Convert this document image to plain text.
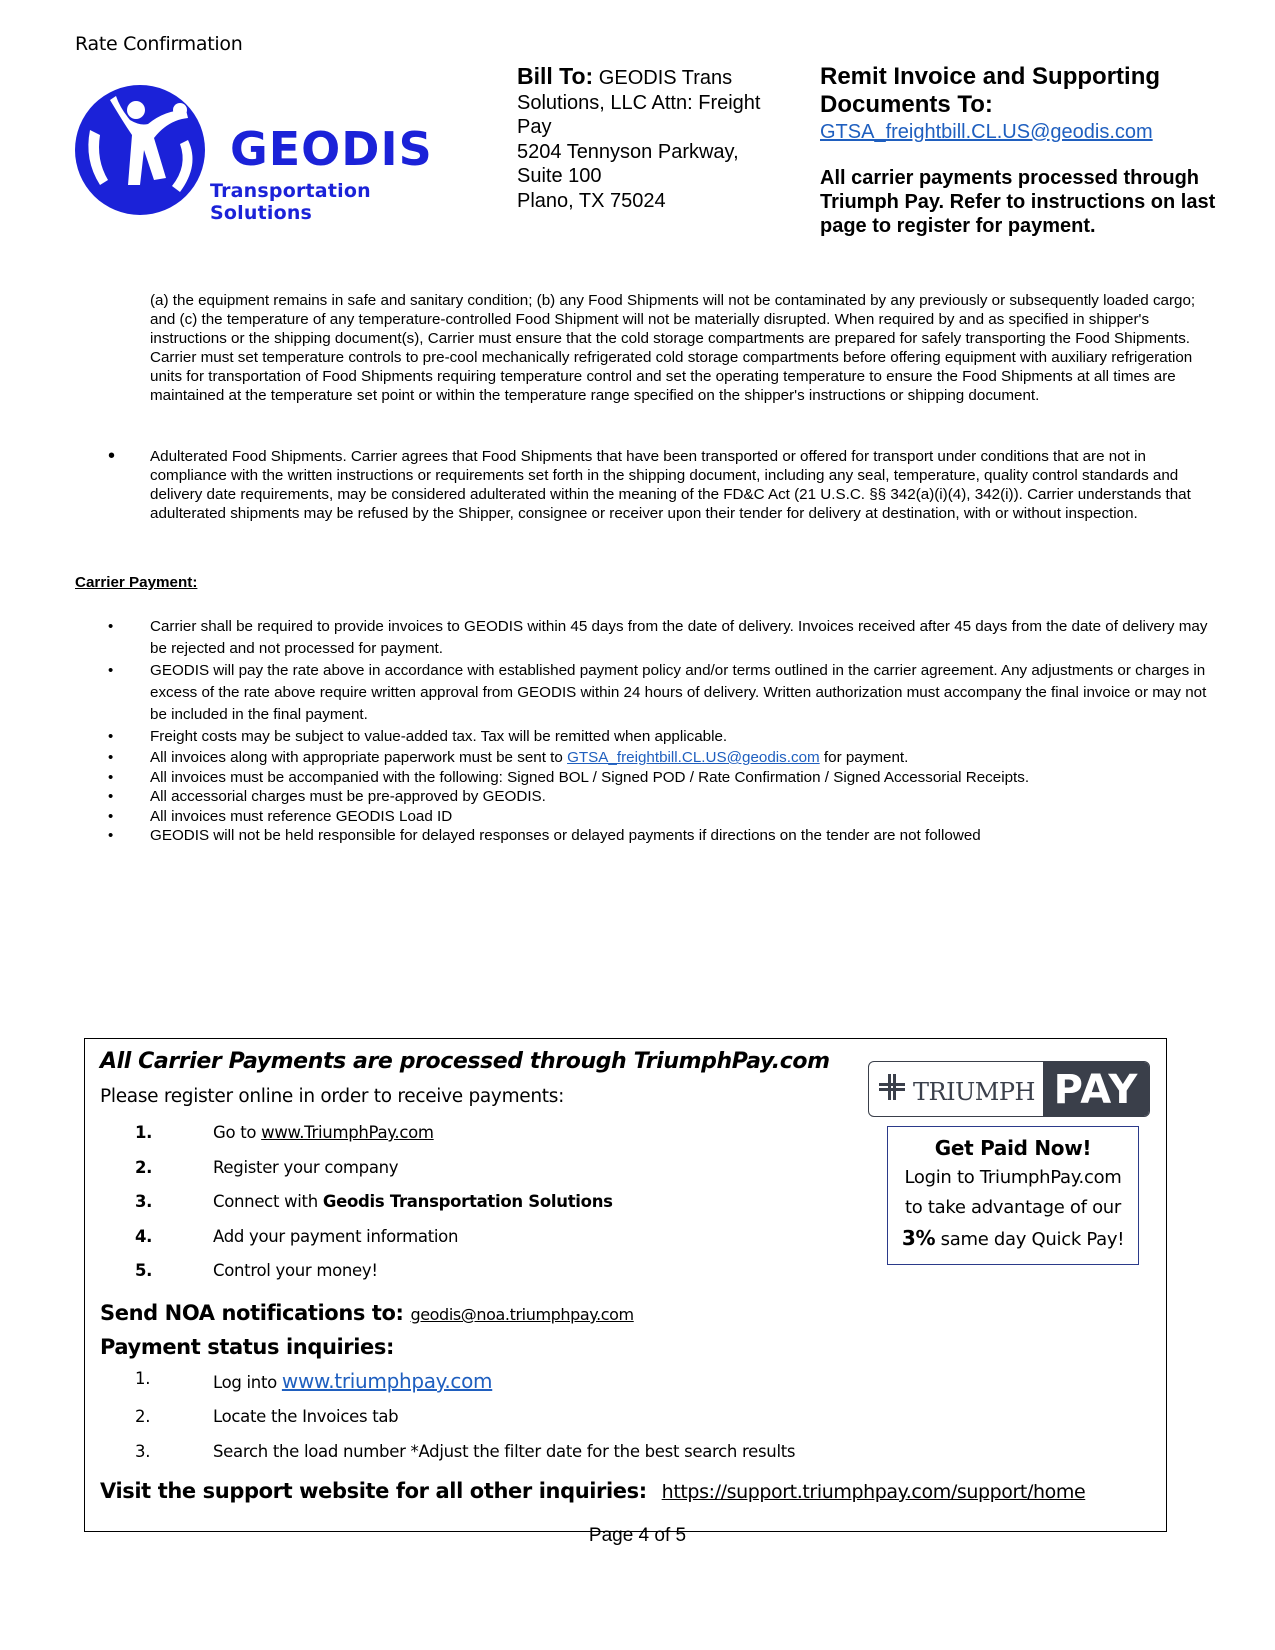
Rate Confirmation
GEODIS
Transportation Solutions
Bill To: GEODIS Trans Solutions, LLC Attn: Freight Pay
5204 Tennyson Parkway, Suite 100
Plano, TX 75024
Remit Invoice and Supporting Documents To:
GTSA_freightbill.CL.US@geodis.com
All carrier payments processed through Triumph Pay. Refer to instructions on last page to register for payment.
(a) the equipment remains in safe and sanitary condition; (b) any Food Shipments will not be contaminated by any previously or subsequently loaded cargo; and (c) the temperature of any temperature-controlled Food Shipment will not be materially disrupted. When required by and as specified in shipper's instructions or the shipping document(s), Carrier must ensure that the cold storage compartments are prepared for safely transporting the Food Shipments. Carrier must set temperature controls to pre-cool mechanically refrigerated cold storage compartments before offering equipment with auxiliary refrigeration units for transportation of Food Shipments requiring temperature control and set the operating temperature to ensure the Food Shipments at all times are maintained at the temperature set point or within the temperature range specified on the shipper's instructions or shipping document.
• Adulterated Food Shipments. Carrier agrees that Food Shipments that have been transported or offered for transport under conditions that are not in compliance with the written instructions or requirements set forth in the shipping document, including any seal, temperature, quality control standards and delivery date requirements, may be considered adulterated within the meaning of the FD&C Act (21 U.S.C. §§ 342(a)(i)(4), 342(i)). Carrier understands that adulterated shipments may be refused by the Shipper, consignee or receiver upon their tender for delivery at destination, with or without inspection.
Carrier Payment:
• Carrier shall be required to provide invoices to GEODIS within 45 days from the date of delivery. Invoices received after 45 days from the date of delivery may be rejected and not processed for payment.
• GEODIS will pay the rate above in accordance with established payment policy and/or terms outlined in the carrier agreement. Any adjustments or charges in excess of the rate above require written approval from GEODIS within 24 hours of delivery. Written authorization must accompany the final invoice or may not be included in the final payment.
• Freight costs may be subject to value-added tax. Tax will be remitted when applicable.
• All invoices along with appropriate paperwork must be sent to GTSA_freightbill.CL.US@geodis.com for payment.
• All invoices must be accompanied with the following: Signed BOL / Signed POD / Rate Confirmation / Signed Accessorial Receipts.
• All accessorial charges must be pre-approved by GEODIS.
• All invoices must reference GEODIS Load ID
• GEODIS will not be held responsible for delayed responses or delayed payments if directions on the tender are not followed
All Carrier Payments are processed through TriumphPay.com
Please register online in order to receive payments:
1.	Go to www.TriumphPay.com
2.	Register your company
3.	Connect with Geodis Transportation Solutions
4.	Add your payment information
5.	Control your money!
Send NOA notifications to: geodis@noa.triumphpay.com
Payment status inquiries:
1.	Log into www.triumphpay.com
2.	Locate the Invoices tab
3.	Search the load number *Adjust the filter date for the best search results
Visit the support website for all other inquiries: https://support.triumphpay.com/support/home
TRIUMPH PAY
Get Paid Now!
Login to TriumphPay.com
to take advantage of our
3% same day Quick Pay!
Page 4 of 5
